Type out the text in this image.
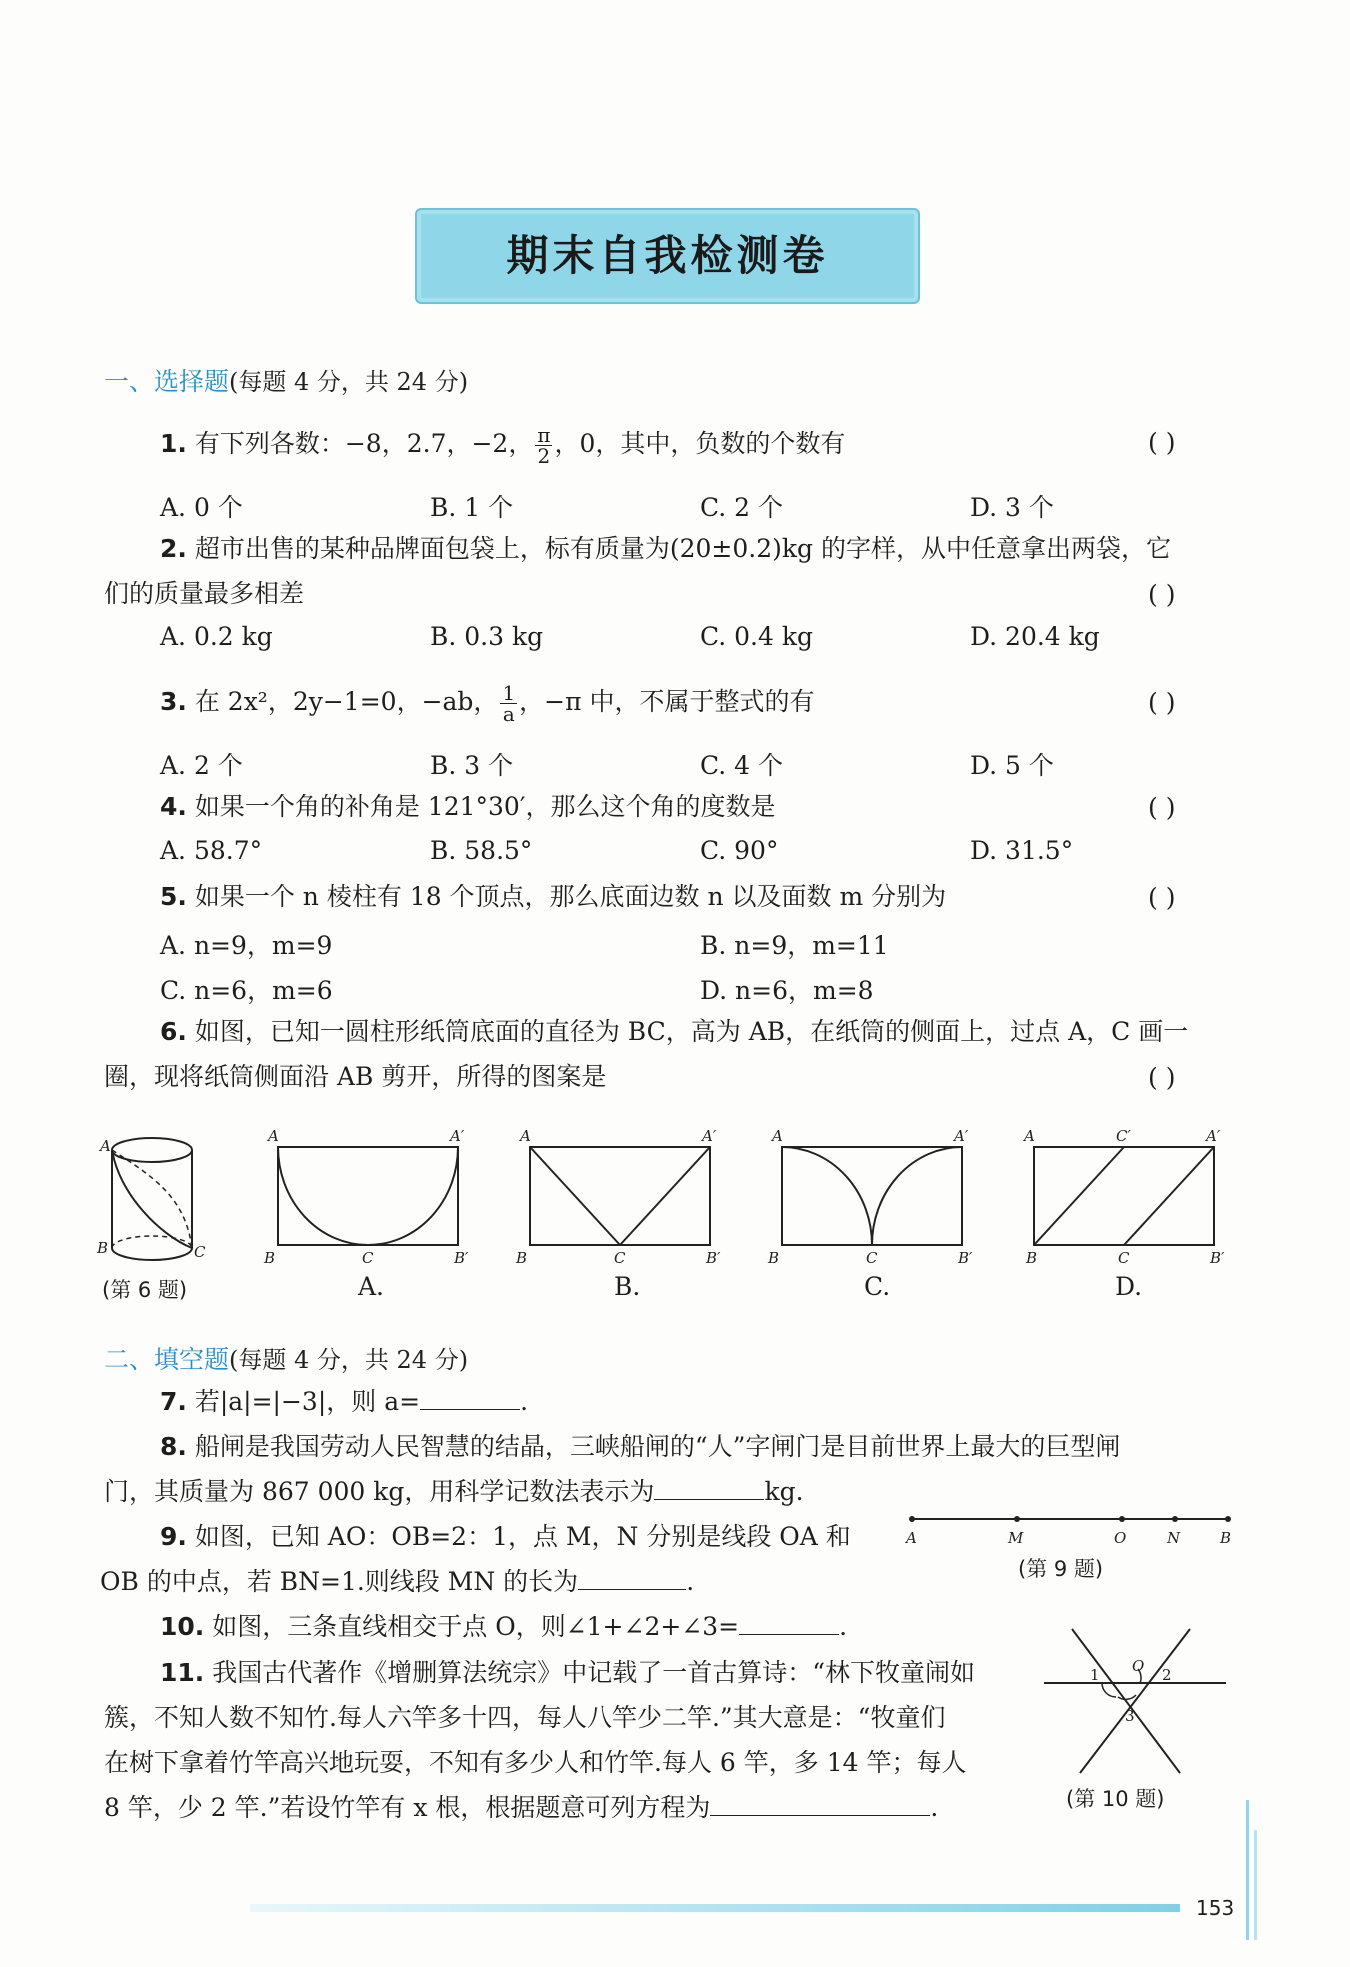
期末自我检测卷
一、选择题(每题 4 分，共 24 分)
1. 有下列各数：−8，2.7，−2， $\frac{\pi}{2}$ ，0，其中，负数的个数有	( )
A. 0 个	B. 1 个	C. 2 个	D. 3 个
2. 超市出售的某种品牌面包袋上，标有质量为(20±0.2)kg 的字样，从中任意拿出两袋，它
们的质量最多相差	( )
A. 0.2 kg	B. 0.3 kg	C. 0.4 kg	D. 20.4 kg
3. 在 2x²，2y−1=0，−ab， $\frac{1}{a}$ ，−π 中，不属于整式的有	( )
A. 2 个	B. 3 个	C. 4 个	D. 5 个
4. 如果一个角的补角是 121°30′，那么这个角的度数是	( )
A. 58.7°	B. 58.5°	C. 90°	D. 31.5°
5. 如果一个 n 棱柱有 18 个顶点，那么底面边数 n 以及面数 m 分别为	( )
A. n=9，m=9	B. n=9，m=11
C. n=6，m=6	D. n=6，m=8
6. 如图，已知一圆柱形纸筒底面的直径为 BC，高为 AB，在纸筒的侧面上，过点 A，C 画一
圈，现将纸筒侧面沿 AB 剪开，所得的图案是	( )
A
B	C
A	A′
B	C	B′
A	A′
B	C	B′
A	A′
B	C	B′
A	C′	A′
B	C	B′
(第 6 题)	A.	B.	C.	D.
二、填空题(每题 4 分，共 24 分)
7. 若|a|=|−3|，则 a=	.
8. 船闸是我国劳动人民智慧的结晶，三峡船闸的“人”字闸门是目前世界上最大的巨型闸
门，其质量为 867 000 kg，用科学记数法表示为	kg.
9. 如图，已知 AO：OB=2：1，点 M，N 分别是线段 OA 和
OB 的中点，若 BN=1.则线段 MN 的长为	.
A	M	O	N	B
(第 9 题)
10. 如图，三条直线相交于点 O，则∠1+∠2+∠3=	.
O
1	2
3
(第 10 题)
11. 我国古代著作《增删算法统宗》中记载了一首古算诗：“林下牧童闹如
簇，不知人数不知竹.每人六竿多十四，每人八竿少二竿.”其大意是：“牧童们
在树下拿着竹竿高兴地玩耍，不知有多少人和竹竿.每人 6 竿，多 14 竿；每人
8 竿，少 2 竿.”若设竹竿有 x 根，根据题意可列方程为	.
153
